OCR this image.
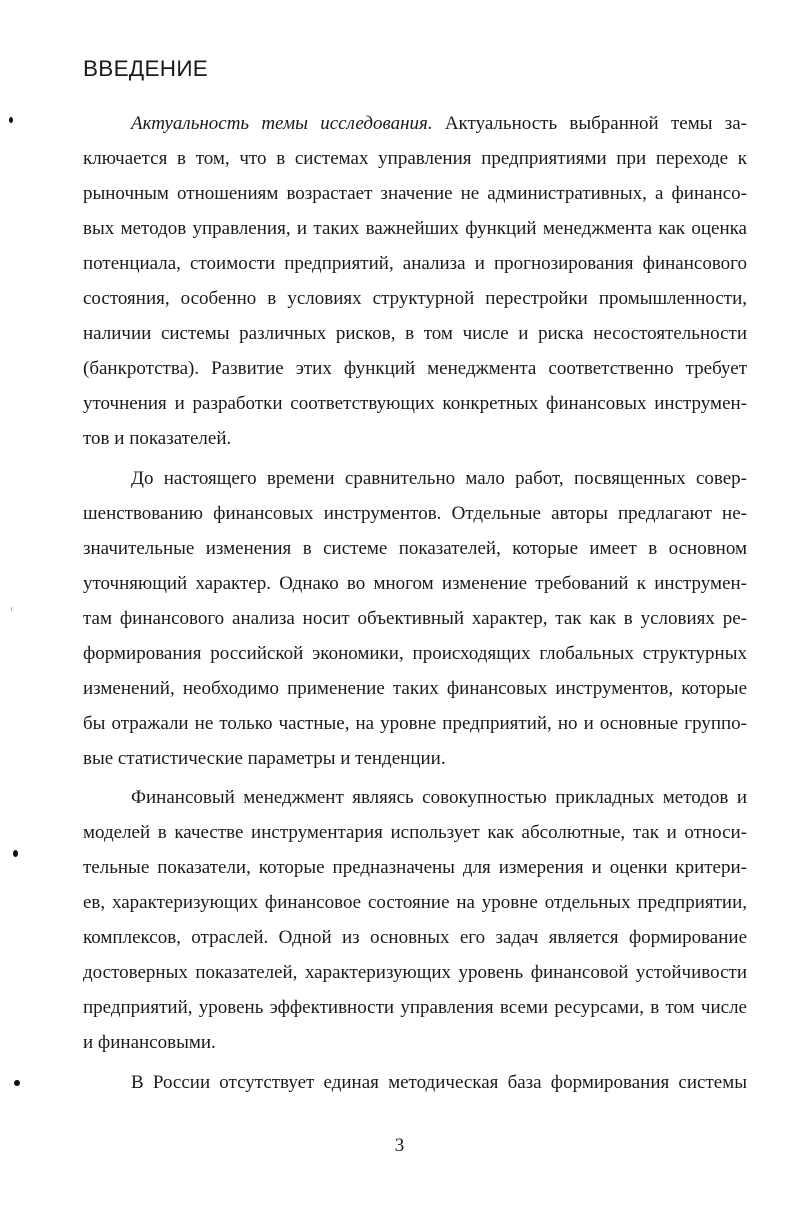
ВВЕДЕНИЕ
Актуальность темы исследования. Актуальность выбранной темы за-
ключается в том, что в системах управления предприятиями при переходе к
рыночным отношениям возрастает значение не административных, а финансо-
вых методов управления, и таких важнейших функций менеджмента как оценка
потенциала, стоимости предприятий, анализа и прогнозирования финансового
состояния, особенно в условиях структурной перестройки промышленности,
наличии системы различных рисков, в том числе и риска несостоятельности
(банкротства). Развитие этих функций менеджмента соответственно требует
уточнения и разработки соответствующих конкретных финансовых инструмен-
тов и показателей.
До настоящего времени сравнительно мало работ, посвященных совер-
шенствованию финансовых инструментов. Отдельные авторы предлагают не-
значительные изменения в системе показателей, которые имеет в основном
уточняющий характер. Однако во многом изменение требований к инструмен-
там финансового анализа носит объективный характер, так как в условиях ре-
формирования российской экономики, происходящих глобальных структурных
изменений, необходимо применение таких финансовых инструментов, которые
бы отражали не только частные, на уровне предприятий, но и основные группо-
вые статистические параметры и тенденции.
Финансовый менеджмент являясь совокупностью прикладных методов и
моделей в качестве инструментария использует как абсолютные, так и относи-
тельные показатели, которые предназначены для измерения и оценки критери-
ев, характеризующих финансовое состояние на уровне отдельных предприятии,
комплексов, отраслей. Одной из основных его задач является формирование
достоверных показателей, характеризующих уровень финансовой устойчивости
предприятий, уровень эффективности управления всеми ресурсами, в том числе
и финансовыми.
В России отсутствует единая методическая база формирования системы
3
